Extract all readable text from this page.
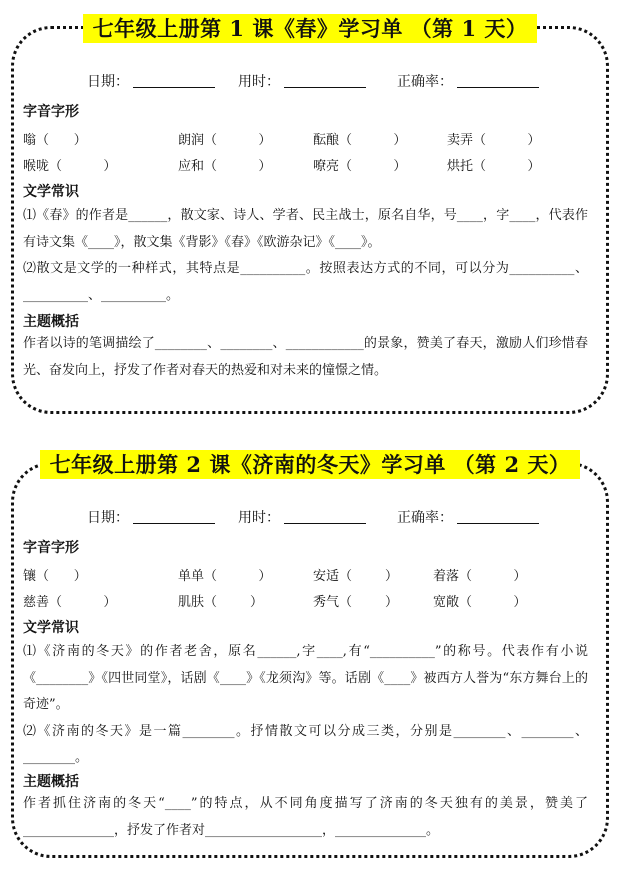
七年级上册第 1 课《春》学习单 （第 1 天）
日期：	用时：	正确率：
字音字形
嗡（      ）	朗润（          ）	酝酿（          ）	卖弄（          ）
喉咙（          ）	应和（          ）	嘹亮（          ）	烘托（          ）
文学常识
⑴《春》的作者是______，散文家、诗人、学者、民主战士，原名自华，号____，字____，代表作有诗文集《____》，散文集《背影》《春》《欧游杂记》《____》。
⑵散文是文学的一种样式，其特点是__________。按照表达方式的不同，可以分为__________、__________、__________。
主题概括
作者以诗的笔调描绘了________、________、____________的景象，赞美了春天，激励人们珍惜春光、奋发向上，抒发了作者对春天的热爱和对未来的憧憬之情。
七年级上册第 2 课《济南的冬天》学习单 （第 2 天）
日期：	用时：	正确率：
字音字形
镶（      ）	单单（          ）	安适（        ）	着落（          ）
慈善（          ）	肌肤（        ）	秀气（        ）	宽敞（          ）
文学常识
⑴《济南的冬天》的作者老舍，原名______,字____,有“__________”的称号。代表作有小说《________》《四世同堂》，话剧《____》《龙须沟》等。话剧《____》被西方人誉为“东方舞台上的奇迹”。
⑵《济南的冬天》是一篇________。抒情散文可以分成三类，分别是________、________、________。
主题概括
作者抓住济南的冬天“____”的特点，从不同角度描写了济南的冬天独有的美景，赞美了______________，抒发了作者对__________________，______________。
